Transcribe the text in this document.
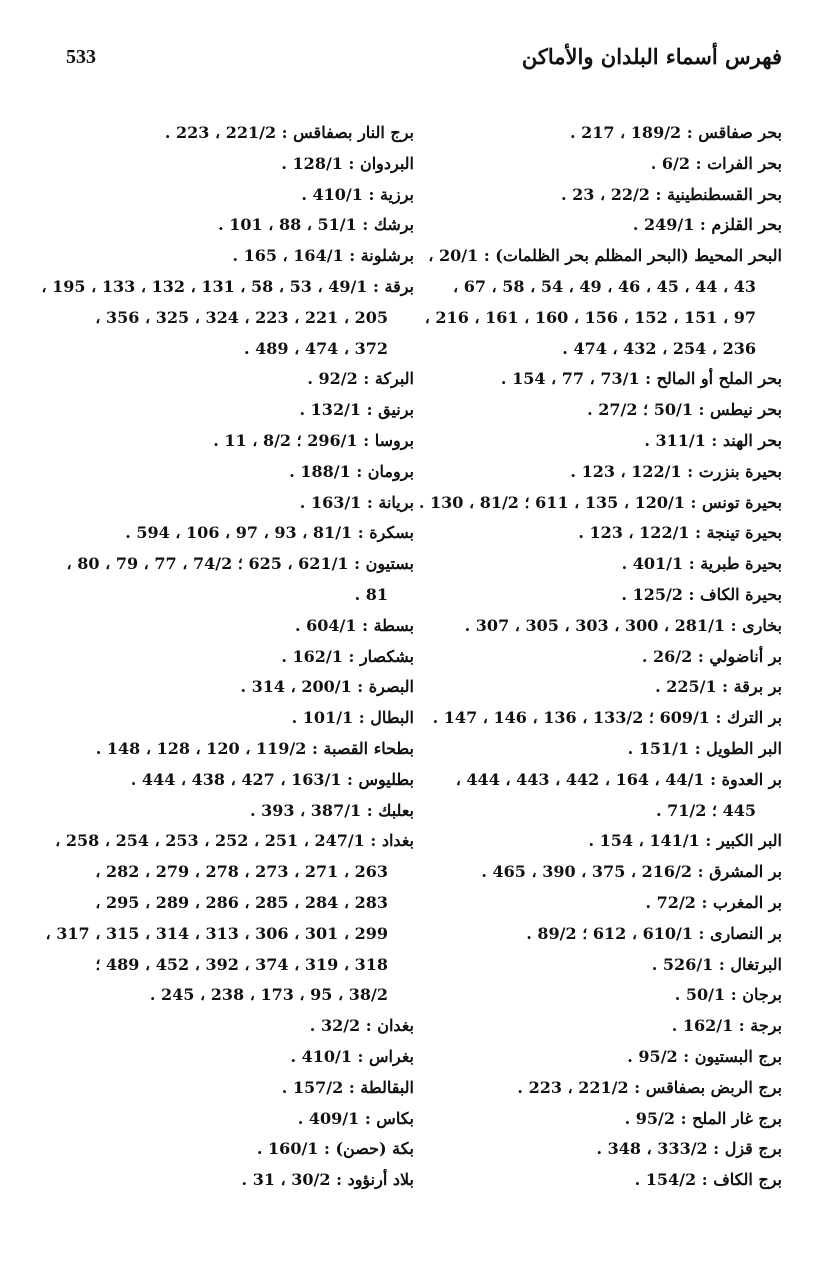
533	فهرس أسماء البلدان والأماكن
بحر صفاقس : 189/2 ، 217 .
بحر الفرات : 6/2 .
بحر القسطنطينية : 22/2 ، 23 .
بحر القلزم : 249/1 .
البحر المحيط (البحر المظلم بحر الظلمات) : 20/1 ،
43 ، 44 ، 45 ، 46 ، 49 ، 54 ، 58 ، 67 ،
97 ، 151 ، 152 ، 156 ، 160 ، 161 ، 216 ،
236 ، 254 ، 432 ، 474 .
بحر الملح أو المالح : 73/1 ، 77 ، 154 .
بحر نيطس : 50/1 ؛ 27/2 .
بحر الهند : 311/1 .
بحيرة بنزرت : 122/1 ، 123 .
بحيرة تونس : 120/1 ، 135 ، 611 ؛ 81/2 ، 130 .
بحيرة تينجة : 122/1 ، 123 .
بحيرة طبرية : 401/1 .
بحيرة الكاف : 125/2 .
بخارى : 281/1 ، 300 ، 303 ، 305 ، 307 .
بر أناضولي : 26/2 .
بر برقة : 225/1 .
بر الترك : 609/1 ؛ 133/2 ، 136 ، 146 ، 147 .
البر الطويل : 151/1 .
بر العدوة : 44/1 ، 164 ، 442 ، 443 ، 444 ،
445 ؛ 71/2 .
البر الكبير : 141/1 ، 154 .
بر المشرق : 216/2 ، 375 ، 390 ، 465 .
بر المغرب : 72/2 .
بر النصارى : 610/1 ، 612 ؛ 89/2 .
البرتغال : 526/1 .
برجان : 50/1 .
برجة : 162/1 .
برج البستيون : 95/2 .
برج الربض بصفاقس : 221/2 ، 223 .
برج غار الملح : 95/2 .
برج قزل : 333/2 ، 348 .
برج الكاف : 154/2 .
برج النار بصفاقس : 221/2 ، 223 .
البردوان : 128/1 .
برزية : 410/1 .
برشك : 51/1 ، 88 ، 101 .
برشلونة : 164/1 ، 165 .
برقة : 49/1 ، 53 ، 58 ، 131 ، 132 ، 133 ، 195 ،
205 ، 221 ، 223 ، 324 ، 325 ، 356 ،
372 ، 474 ، 489 .
البركة : 92/2 .
برنيق : 132/1 .
بروسا : 296/1 ؛ 8/2 ، 11 .
برومان : 188/1 .
بريانة : 163/1 .
بسكرة : 81/1 ، 93 ، 97 ، 106 ، 594 .
بستيون : 621/1 ، 625 ؛ 74/2 ، 77 ، 79 ، 80 ،
81 .
بسطة : 604/1 .
بشكصار : 162/1 .
البصرة : 200/1 ، 314 .
البطال : 101/1 .
بطحاء القصبة : 119/2 ، 120 ، 128 ، 148 .
بطليوس : 163/1 ، 427 ، 438 ، 444 .
بعلبك : 387/1 ، 393 .
بغداد : 247/1 ، 251 ، 252 ، 253 ، 254 ، 258 ،
263 ، 271 ، 273 ، 278 ، 279 ، 282 ،
283 ، 284 ، 285 ، 286 ، 289 ، 295 ،
299 ، 301 ، 306 ، 313 ، 314 ، 315 ، 317 ،
318 ، 319 ، 374 ، 392 ، 452 ، 489 ؛
38/2 ، 95 ، 173 ، 238 ، 245 .
بغدان : 32/2 .
بغراس : 410/1 .
البقالطة : 157/2 .
بكاس : 409/1 .
بكة (حصن) : 160/1 .
بلاد أرنؤود : 30/2 ، 31 .
